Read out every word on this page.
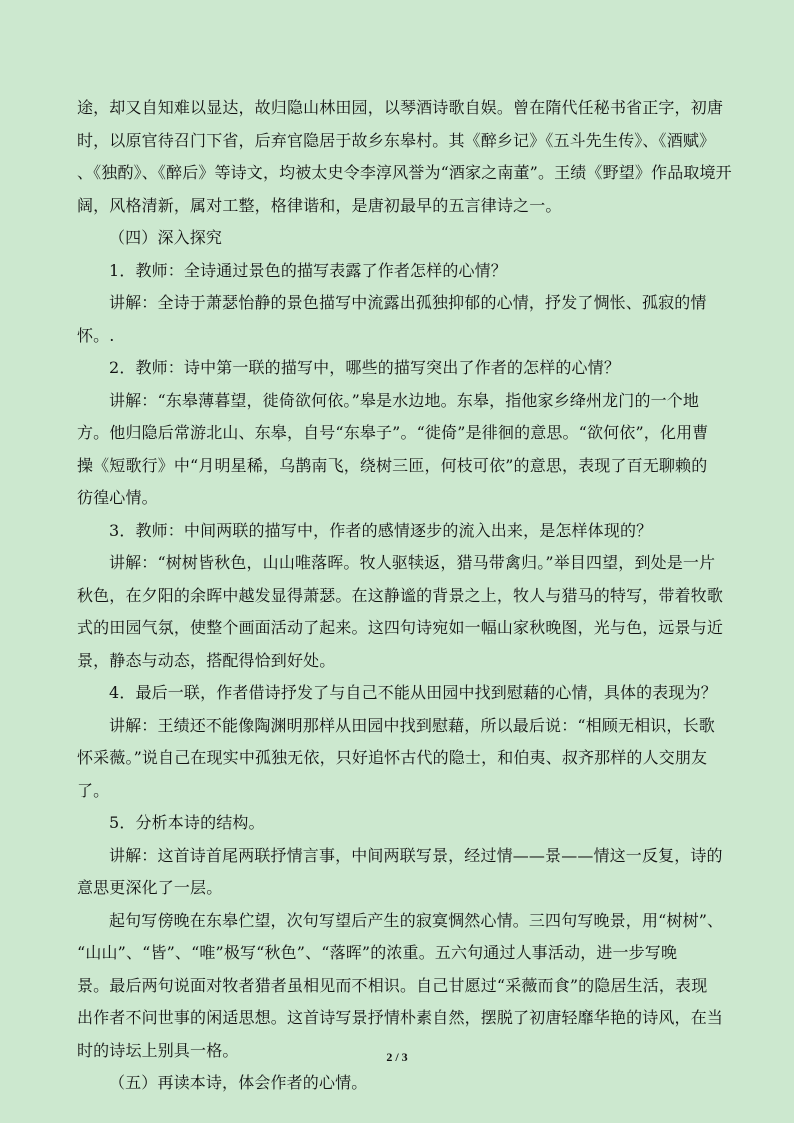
途，却又自知难以显达，故归隐山林田园，以琴酒诗歌自娱。曾在隋代任秘书省正字，初唐

时，以原官待召门下省，后弃官隐居于故乡东皋村。其《醉乡记》《五斗先生传》、《酒赋》

、《独酌》、《醉后》等诗文，均被太史令李淳风誉为“酒家之南董”。王绩《野望》作品取境开

阔，风格清新，属对工整，格律谐和，是唐初最早的五言律诗之一。

（四）深入探究

1．教师：全诗通过景色的描写表露了作者怎样的心情？

讲解：全诗于萧瑟怡静的景色描写中流露出孤独抑郁的心情，抒发了惆怅、孤寂的情

怀。.

2．教师：诗中第一联的描写中，哪些的描写突出了作者的怎样的心情？

讲解：“东皋薄暮望，徙倚欲何依。”皋是水边地。东皋，指他家乡绛州龙门的一个地

方。他归隐后常游北山、东皋，自号“东皋子”。“徙倚”是徘徊的意思。“欲何依”，化用曹

操《短歌行》中“月明星稀，乌鹊南飞，绕树三匝，何枝可依”的意思，表现了百无聊赖的

彷徨心情。

3．教师：中间两联的描写中，作者的感情逐步的流入出来，是怎样体现的？

讲解：“树树皆秋色，山山唯落晖。牧人驱犊返，猎马带禽归。”举目四望，到处是一片

秋色，在夕阳的余晖中越发显得萧瑟。在这静谧的背景之上，牧人与猎马的特写，带着牧歌

式的田园气氛，使整个画面活动了起来。这四句诗宛如一幅山家秋晚图，光与色，远景与近

景，静态与动态，搭配得恰到好处。

4．最后一联，作者借诗抒发了与自己不能从田园中找到慰藉的心情，具体的表现为？

讲解：王绩还不能像陶渊明那样从田园中找到慰藉，所以最后说：“相顾无相识，长歌

怀采薇。”说自己在现实中孤独无依，只好追怀古代的隐士，和伯夷、叔齐那样的人交朋友

了。

5．分析本诗的结构。

讲解：这首诗首尾两联抒情言事，中间两联写景，经过情——景——情这一反复，诗的

意思更深化了一层。

起句写傍晚在东皋伫望，次句写望后产生的寂寞惆然心情。三四句写晚景，用“树树”、

“山山”、“皆”、“唯”极写“秋色”、“落晖”的浓重。五六句通过人事活动，进一步写晚

景。最后两句说面对牧者猎者虽相见而不相识。自己甘愿过“采薇而食”的隐居生活，表现

出作者不问世事的闲适思想。这首诗写景抒情朴素自然，摆脱了初唐轻靡华艳的诗风，在当

时的诗坛上别具一格。

（五）再读本诗，体会作者的心情。

2 / 3
